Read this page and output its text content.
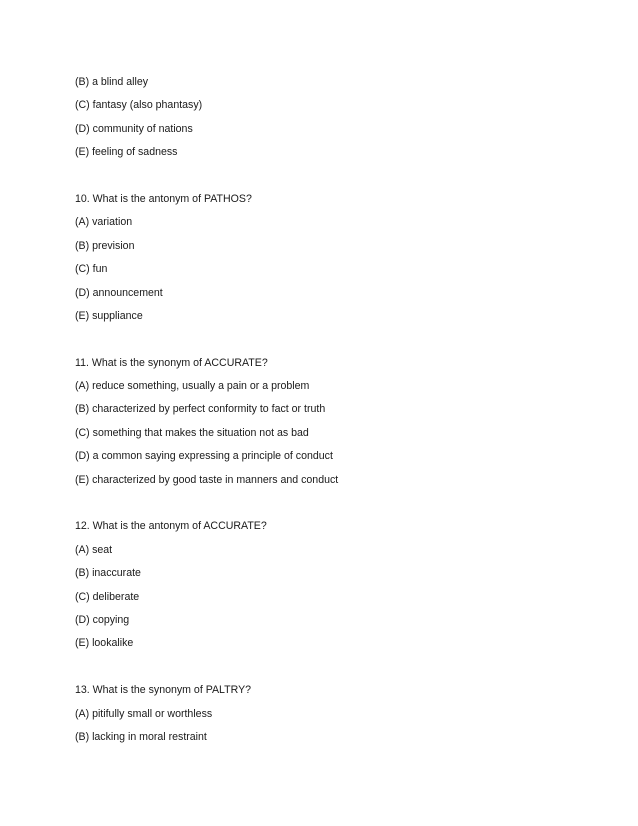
(B) a blind alley
(C) fantasy (also phantasy)
(D) community of nations
(E) feeling of sadness
10. What is the antonym of PATHOS?
(A) variation
(B) prevision
(C) fun
(D) announcement
(E) suppliance
11. What is the synonym of ACCURATE?
(A) reduce something, usually a pain or a problem
(B) characterized by perfect conformity to fact or truth
(C) something that makes the situation not as bad
(D) a common saying expressing a principle of conduct
(E) characterized by good taste in manners and conduct
12. What is the antonym of ACCURATE?
(A) seat
(B) inaccurate
(C) deliberate
(D) copying
(E) lookalike
13. What is the synonym of PALTRY?
(A) pitifully small or worthless
(B) lacking in moral restraint
